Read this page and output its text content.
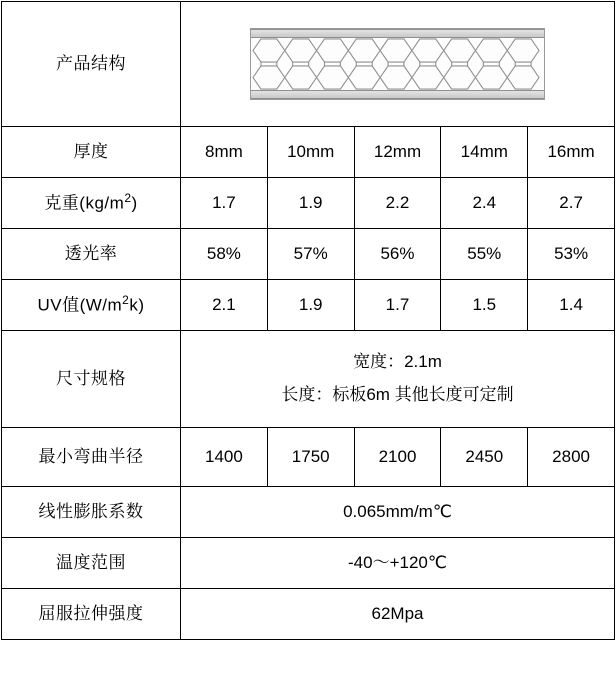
产品结构	

厚度	8mm	10mm	12mm	14mm	16mm
克重$(kg/m^2)$	1.7	1.9	2.2	2.4	2.7
透光率	58%	57%	56%	55%	53%
UV值$(W/m^2k)$	2.1	1.9	1.7	1.5	1.4
尺寸规格	宽度：2.1m
长度：标板6m 其他长度可定制				

最小弯曲半径	1400	1750	2100	2450	2800
线性膨胀系数	0.065mm/m℃				
温度范围	-40～+120℃				
屈服拉伸强度	62Mpa				
